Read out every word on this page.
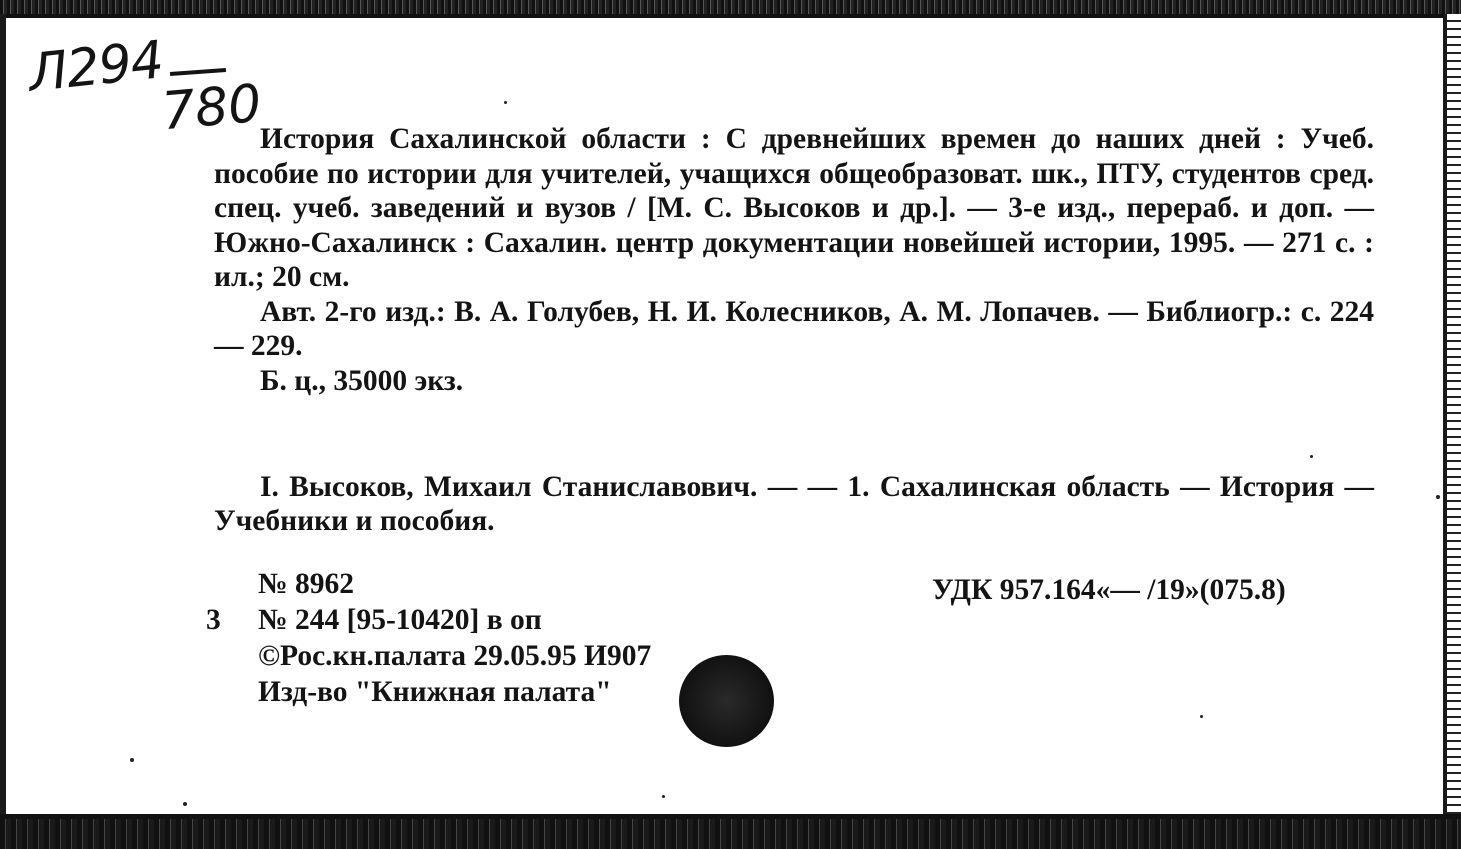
Л294
780

История Сахалинской области : С древнейших времен до наших дней : Учеб. пособие по истории для учителей, учащихся общеобразоват. шк., ПТУ, студентов сред. спец. учеб. заведений и вузов / [М. С. Высоков и др.]. — 3-е изд., перераб. и доп. — Южно-Сахалинск : Сахалин. центр документации новейшей истории, 1995. — 271 с. : ил.; 20 см.

Авт. 2-го изд.: В. А. Голубев, Н. И. Колесников, А. М. Лопачев. — Библиогр.: с. 224 — 229.

Б. ц., 35000 экз.

I. Высоков, Михаил Станиславович. — — 1. Сахалинская область — История — Учебники и пособия.
№ 8962
3 № 244 [95-10420] в оп
©Рос.кн.палата 29.05.95 И907
Изд-во "Книжная палата"
УДК 957.164«— /19»(075.8)
